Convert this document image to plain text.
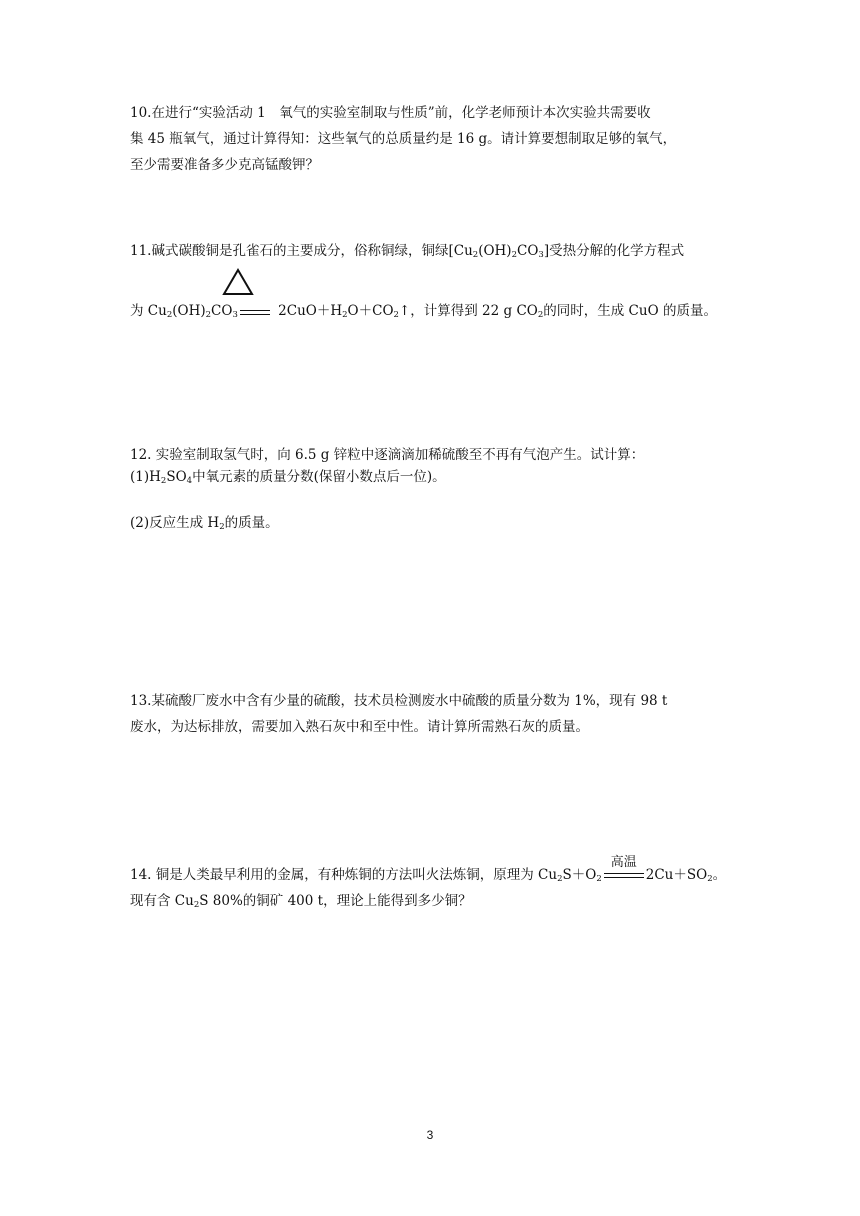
10.在进行“实验活动 1　氧气的实验室制取与性质”前，化学老师预计本次实验共需要收
集 45 瓶氧气，通过计算得知：这些氧气的总质量约是 16 g。请计算要想制取足够的氧气，
至少需要准备多少克高锰酸钾？
11.碱式碳酸铜是孔雀石的主要成分，俗称铜绿，铜绿$[Cu_2(OH)_2CO_3]$受热分解的化学方程式
为 $Cu_2(OH)_2CO_3$	$2CuO+H_2O+CO_2↑$，计算得到 22 g $CO_2$的同时，生成 CuO 的质量。
12. 实验室制取氢气时，向 6.5 g 锌粒中逐滴滴加稀硫酸至不再有气泡产生。试计算：
$(1)H_2SO_4$中氧元素的质量分数(保留小数点后一位)。
(2)反应生成 $H_2$的质量。
13.某硫酸厂废水中含有少量的硫酸，技术员检测废水中硫酸的质量分数为 1%，现有 98 t
废水，为达标排放，需要加入熟石灰中和至中性。请计算所需熟石灰的质量。
14. 铜是人类最早利用的金属，有种炼铜的方法叫火法炼铜，原理为 $Cu_2S+O_2$
高温
$2Cu+SO_2$。
现有含 $Cu_2S$ 80%的铜矿 400 t，理论上能得到多少铜？
3
